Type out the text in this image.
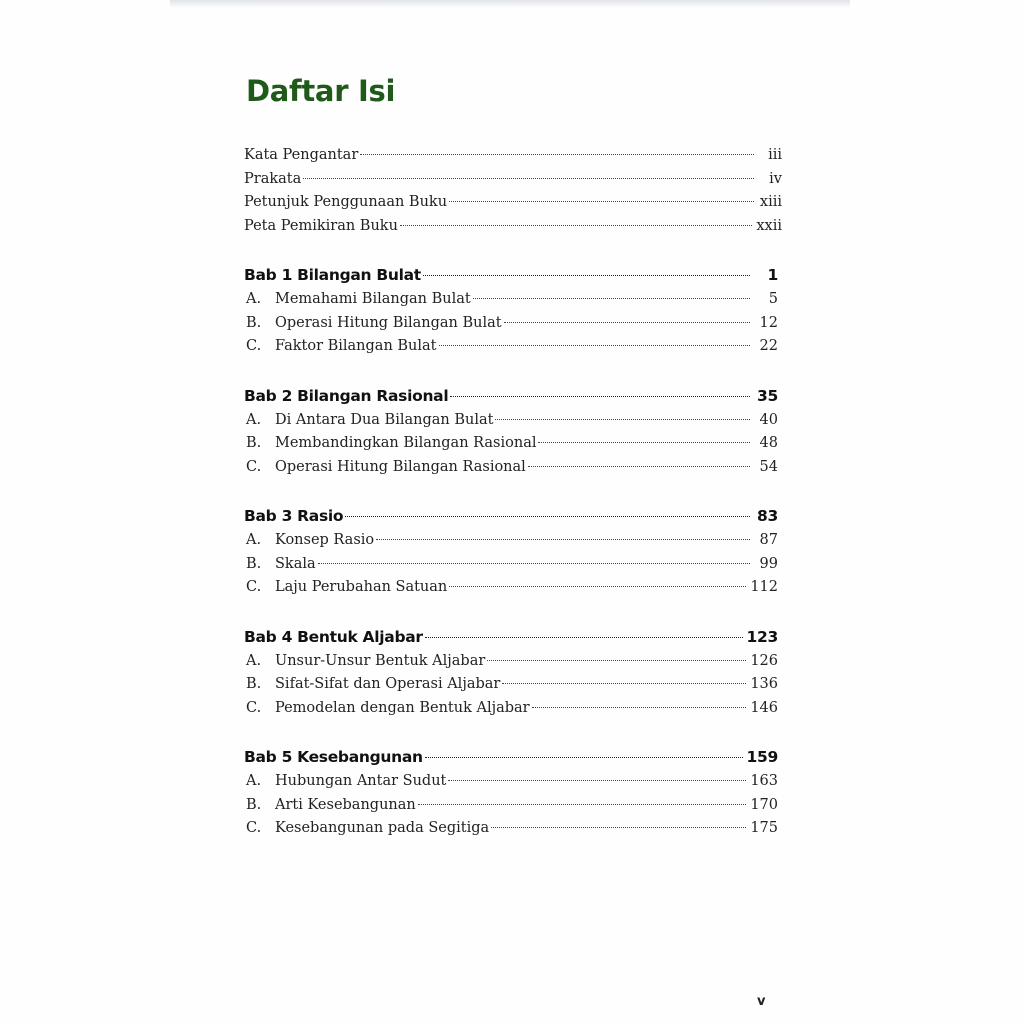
Daftar Isi
Kata Pengantar	iii
Prakata	iv
Petunjuk Penggunaan Buku	xiii
Peta Pemikiran Buku	xxii
Bab 1 Bilangan Bulat	1
A. Memahami Bilangan Bulat	5
B. Operasi Hitung Bilangan Bulat	12
C. Faktor Bilangan Bulat	22
Bab 2 Bilangan Rasional	35
A. Di Antara Dua Bilangan Bulat	40
B. Membandingkan Bilangan Rasional	48
C. Operasi Hitung Bilangan Rasional	54
Bab 3 Rasio	83
A. Konsep Rasio	87
B. Skala	99
C. Laju Perubahan Satuan	112
Bab 4 Bentuk Aljabar	123
A. Unsur-Unsur Bentuk Aljabar	126
B. Sifat-Sifat dan Operasi Aljabar	136
C. Pemodelan dengan Bentuk Aljabar	146
Bab 5 Kesebangunan	159
A. Hubungan Antar Sudut	163
B. Arti Kesebangunan	170
C. Kesebangunan pada Segitiga	175
v
